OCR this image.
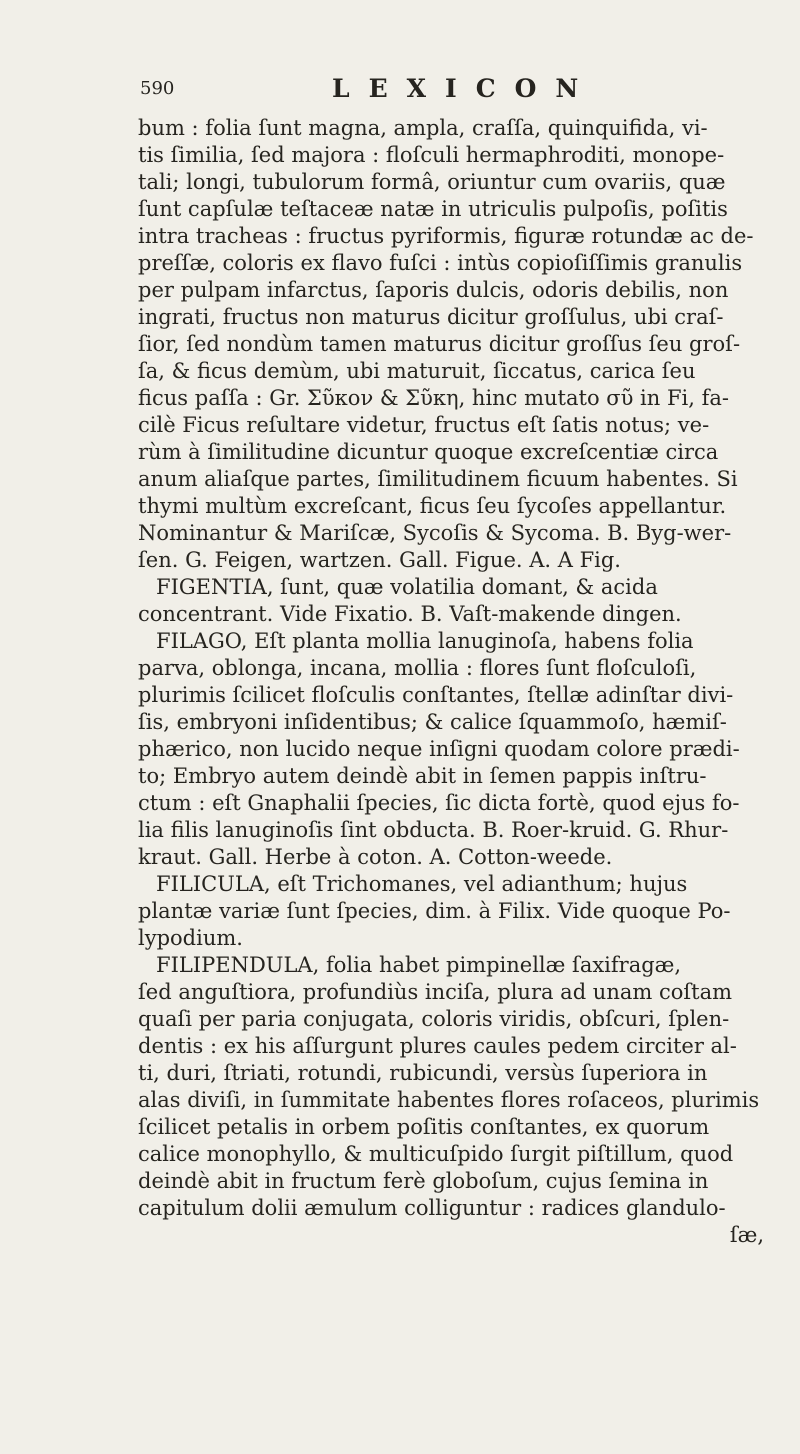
590	LEXICON
bum : folia ſunt magna, ampla, craſſa, quinquifida, vi-
tis ſimilia, ſed majora : floſculi hermaphroditi, monope-
tali; longi, tubulorum formâ, oriuntur cum ovariis, quæ
ſunt capſulæ teſtaceæ natæ in utriculis pulpoſis, poſitis
intra tracheas : fructus pyriformis, figuræ rotundæ ac de-
preſſæ, coloris ex flavo fuſci : intùs copioſiſſimis granulis
per pulpam infarctus, ſaporis dulcis, odoris debilis, non
ingrati, fructus non maturus dicitur groſſulus, ubi craſ-
ſior, ſed nondùm tamen maturus dicitur groſſus ſeu groſ-
ſa, & ficus demùm, ubi maturuit, ſiccatus, carica ſeu
ficus paſſa : Gr. Σῦκον & Σῦκη, hinc mutato σῦ in Fi, fa-
cilè Ficus reſultare videtur, fructus eſt ſatis notus; ve-
rùm à ſimilitudine dicuntur quoque excreſcentiæ circa
anum aliaſque partes, ſimilitudinem ficuum habentes. Si
thymi multùm excreſcant, ficus ſeu ſycoſes appellantur.
Nominantur & Mariſcæ, Sycoſis & Sycoma. B. Byg-wer-
ſen. G. Feigen, wartzen. Gall. Figue. A. A Fig.
FIGENTIA, ſunt, quæ volatilia domant, & acida
concentrant. Vide Fixatio. B. Vaſt-makende dingen.
FILAGO, Eſt planta mollia lanuginoſa, habens folia
parva, oblonga, incana, mollia : flores ſunt floſculoſi,
plurimis ſcilicet floſculis conſtantes, ſtellæ adinſtar divi-
ſis, embryoni inſidentibus; & calice ſquammoſo, hæmiſ-
phærico, non lucido neque inſigni quodam colore prædi-
to; Embryo autem deindè abit in ſemen pappis inſtru-
ctum : eſt Gnaphalii ſpecies, ſic dicta fortè, quod ejus fo-
lia filis lanuginoſis ſint obducta. B. Roer-kruid. G. Rhur-
kraut. Gall. Herbe à coton. A. Cotton-weede.
FILICULA, eſt Trichomanes, vel adianthum; hujus
plantæ variæ ſunt ſpecies, dim. à Filix. Vide quoque Po-
lypodium.
FILIPENDULA, folia habet pimpinellæ ſaxifragæ,
ſed anguſtiora, profundiùs inciſa, plura ad unam coſtam
quaſi per paria conjugata, coloris viridis, obſcuri, ſplen-
dentis : ex his aſſurgunt plures caules pedem circiter al-
ti, duri, ſtriati, rotundi, rubicundi, versùs ſuperiora in
alas diviſi, in ſummitate habentes flores roſaceos, plurimis
ſcilicet petalis in orbem poſitis conſtantes, ex quorum
calice monophyllo, & multicuſpido ſurgit piſtillum, quod
deindè abit in fructum ferè globoſum, cujus ſemina in
capitulum dolii æmulum colliguntur : radices glandulo-
ſæ,
